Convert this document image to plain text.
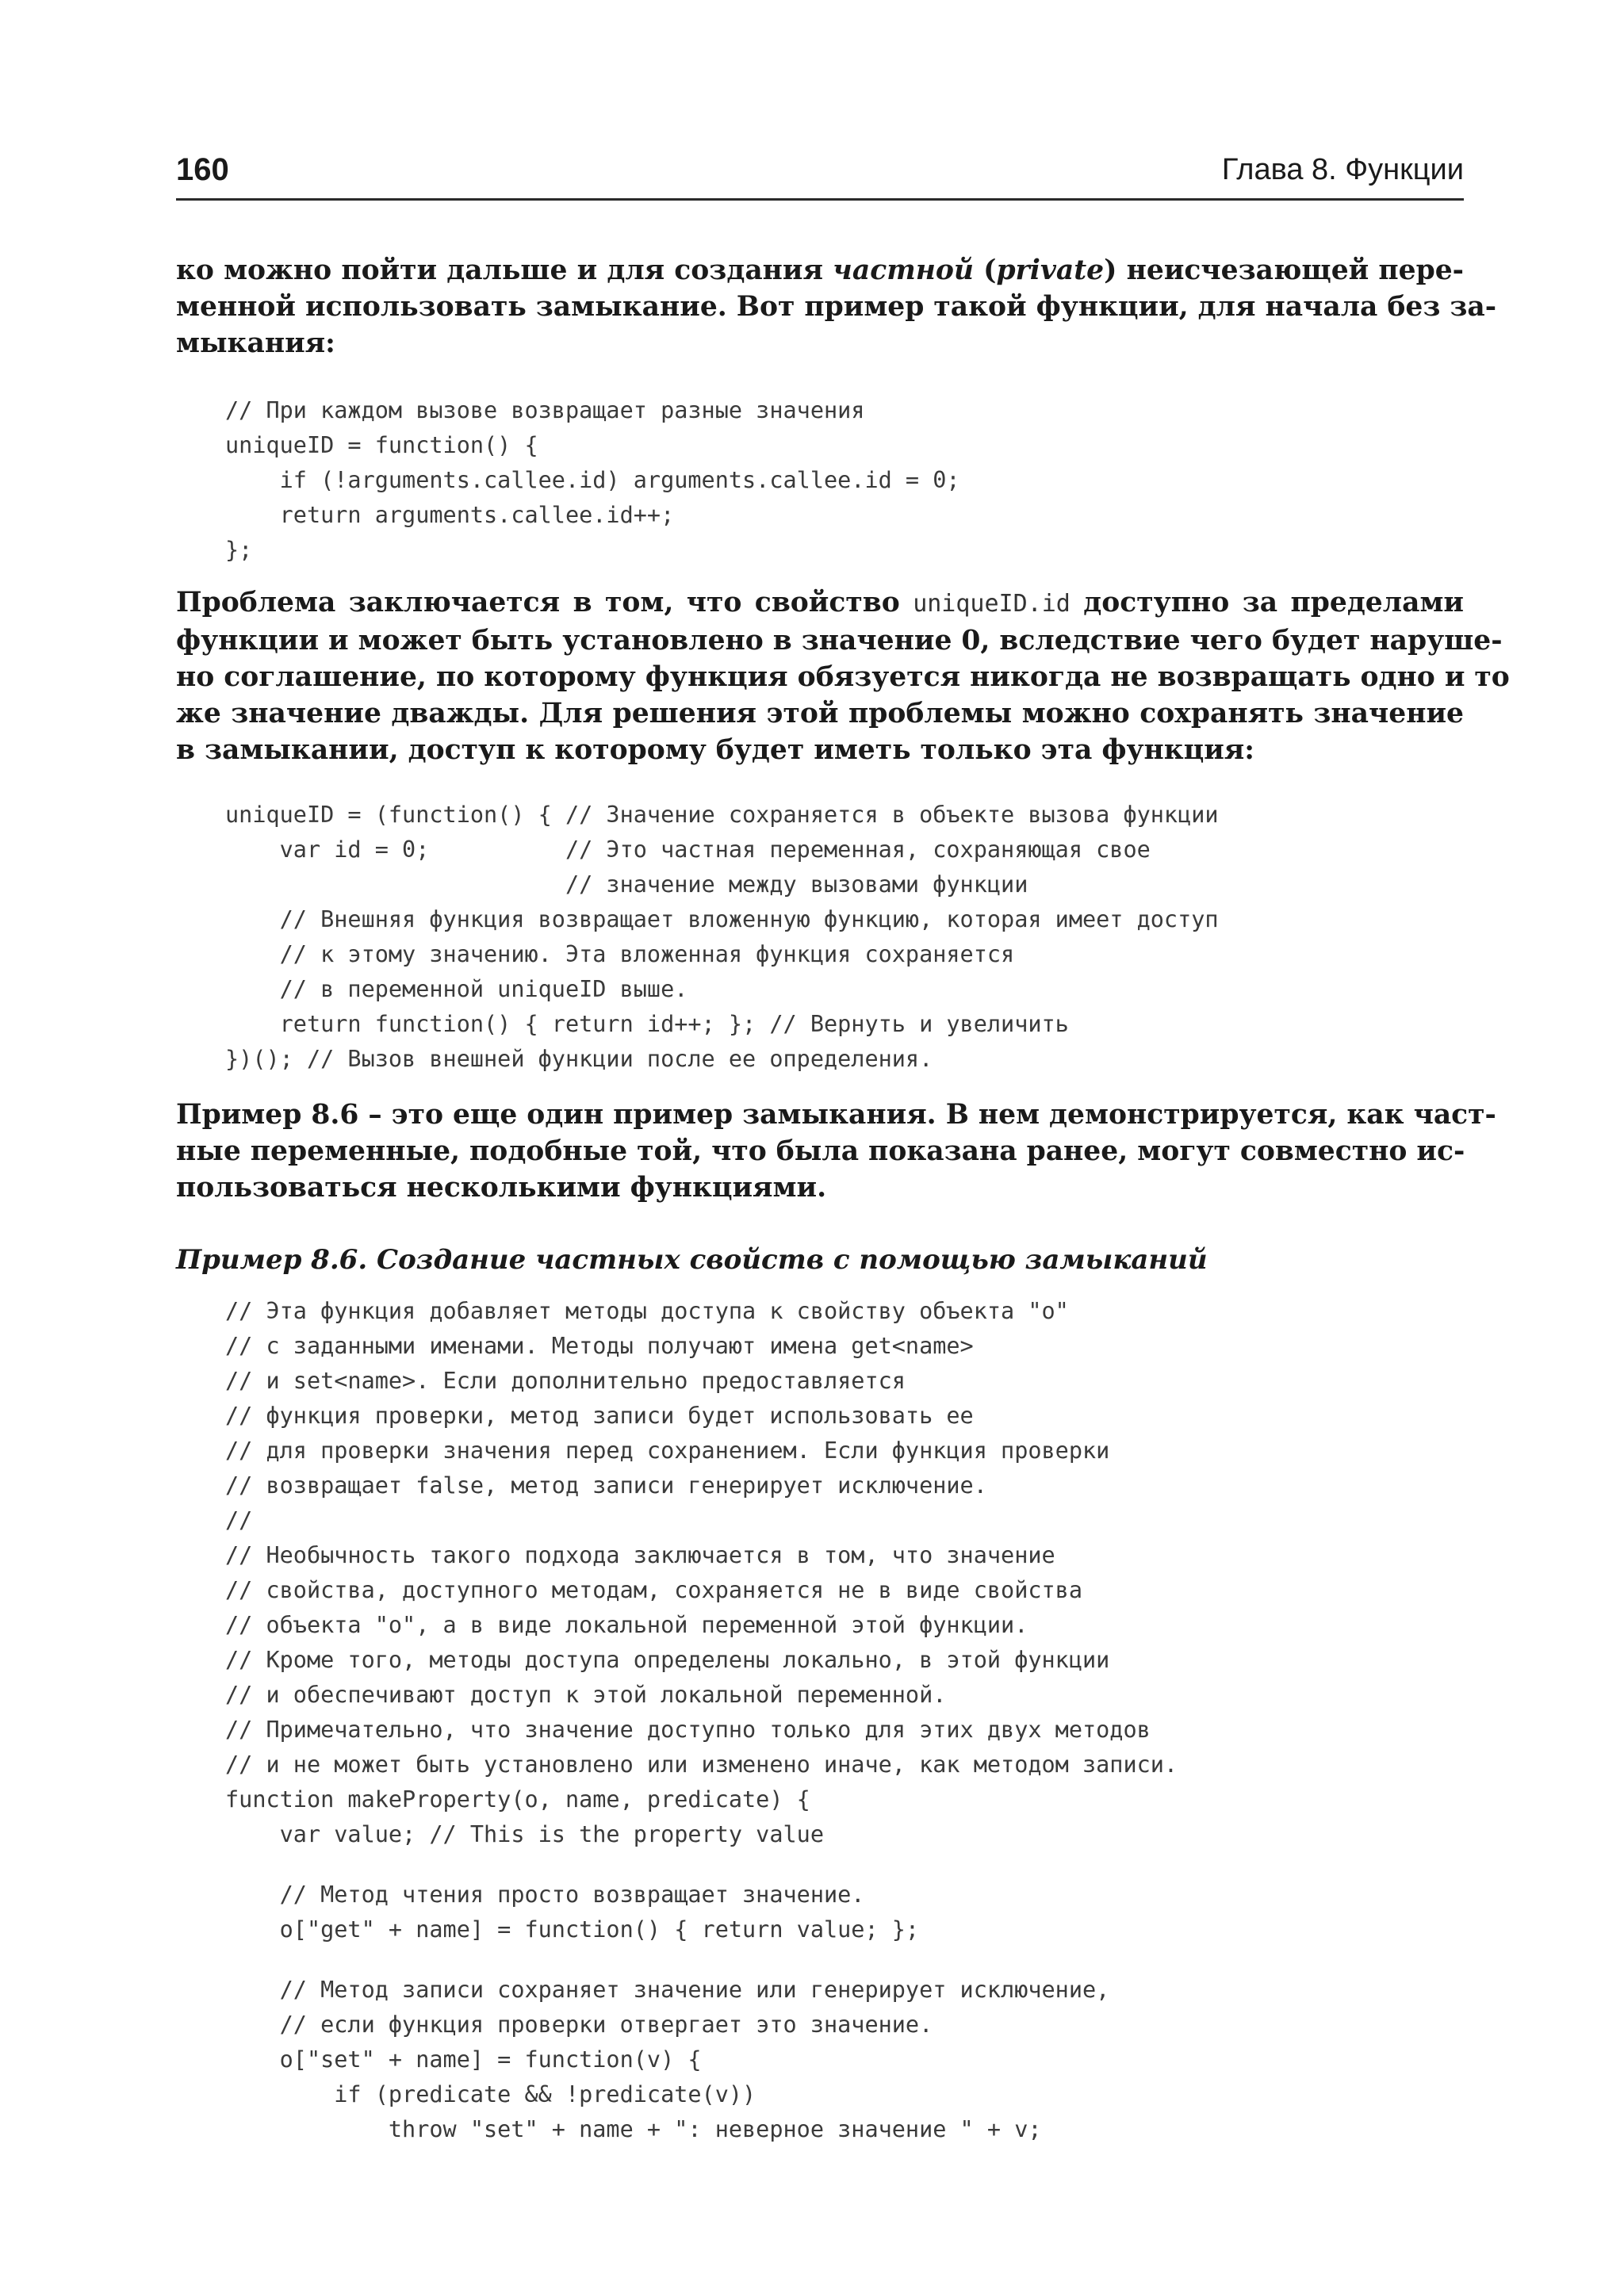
160	Глава 8. Функции
ко можно пойти дальше и для создания частной (private) неисчезающей пере-
менной использовать замыкание. Вот пример такой функции, для начала без за-
мыкания:
// При каждом вызове возвращает разные значения
uniqueID = function() {
if (!arguments.callee.id) arguments.callee.id = 0;
return arguments.callee.id++;
};
Проблема заключается в том, что свойство uniqueID.id доступно за пределами
функции и может быть установлено в значение 0, вследствие чего будет наруше-
но соглашение, по которому функция обязуется никогда не возвращать одно и то
же значение дважды. Для решения этой проблемы можно сохранять значение
в замыкании, доступ к которому будет иметь только эта функция:
uniqueID = (function() { // Значение сохраняется в объекте вызова функции
var id = 0;          // Это частная переменная, сохраняющая свое
// значение между вызовами функции
// Внешняя функция возвращает вложенную функцию, которая имеет доступ
// к этому значению. Эта вложенная функция сохраняется
// в переменной uniqueID выше.
return function() { return id++; }; // Вернуть и увеличить
})(); // Вызов внешней функции после ее определения.
Пример 8.6 – это еще один пример замыкания. В нем демонстрируется, как част-
ные переменные, подобные той, что была показана ранее, могут совместно ис-
пользоваться несколькими функциями.

Пример 8.6. Создание частных свойств с помощью замыканий

// Эта функция добавляет методы доступа к свойству объекта "o"
// с заданными именами. Методы получают имена get<name>
// и set<name>. Если дополнительно предоставляется
// функция проверки, метод записи будет использовать ее
// для проверки значения перед сохранением. Если функция проверки
// возвращает false, метод записи генерирует исключение.
//
// Необычность такого подхода заключается в том, что значение
// свойства, доступного методам, сохраняется не в виде свойства
// объекта "o", а в виде локальной переменной этой функции.
// Кроме того, методы доступа определены локально, в этой функции
// и обеспечивают доступ к этой локальной переменной.
// Примечательно, что значение доступно только для этих двух методов
// и не может быть установлено или изменено иначе, как методом записи.
function makeProperty(o, name, predicate) {
var value; // This is the property value
// Метод чтения просто возвращает значение.
o["get" + name] = function() { return value; };
// Метод записи сохраняет значение или генерирует исключение,
// если функция проверки отвергает это значение.
o["set" + name] = function(v) {
if (predicate && !predicate(v))
throw "set" + name + ": неверное значение " + v;
